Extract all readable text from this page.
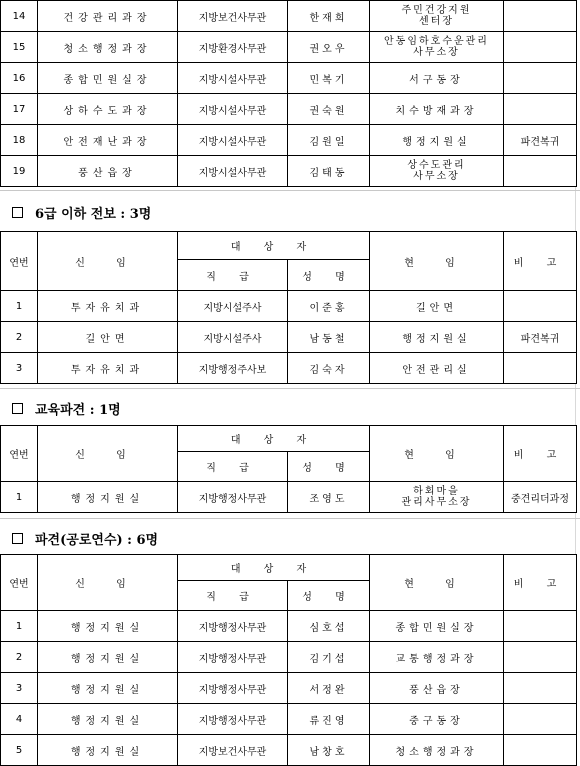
14	건강관리과장	지방보건사무관	한재희	주민건강지원
센터장	

15	청소행정과장	지방환경사무관	권오우	안동임하호수운관리
사무소장	

16	종합민원실장	지방시설사무관	민복기	서구동장	

17	상하수도과장	지방시설사무관	권숙원	치수방재과장	

18	안전재난과장	지방시설사무관	김원일	행정지원실	파견복귀
19	풍산읍장	지방시설사무관	김태동	상수도관리
사무소장	

6급 이하 전보 : 3명
연번	신 임	대 상 자		현 임	비 고
		직 급	성 명		
1	투자유치과	지방시설주사	이준홍	길안면	

2	길안면	지방시설주사	남동철	행정지원실	파견복귀
3	투자유치과	지방행정주사보	김숙자	안전관리실	

교육파견 : 1명
연번	신 임	대 상 자		현 임	비 고
		직 급	성 명		
1	행정지원실	지방행정사무관	조영도	하회마을
관리사무소장	중견리더과정
파견(공로연수) : 6명
연번	신 임	대 상 자		현 임	비 고
		직 급	성 명		
1	행정지원실	지방행정사무관	심호섭	종합민원실장	

2	행정지원실	지방행정사무관	김기섭	교통행정과장	

3	행정지원실	지방행정사무관	서정완	풍산읍장	

4	행정지원실	지방행정사무관	류진영	중구동장	

5	행정지원실	지방보건사무관	남창호	청소행정과장	
